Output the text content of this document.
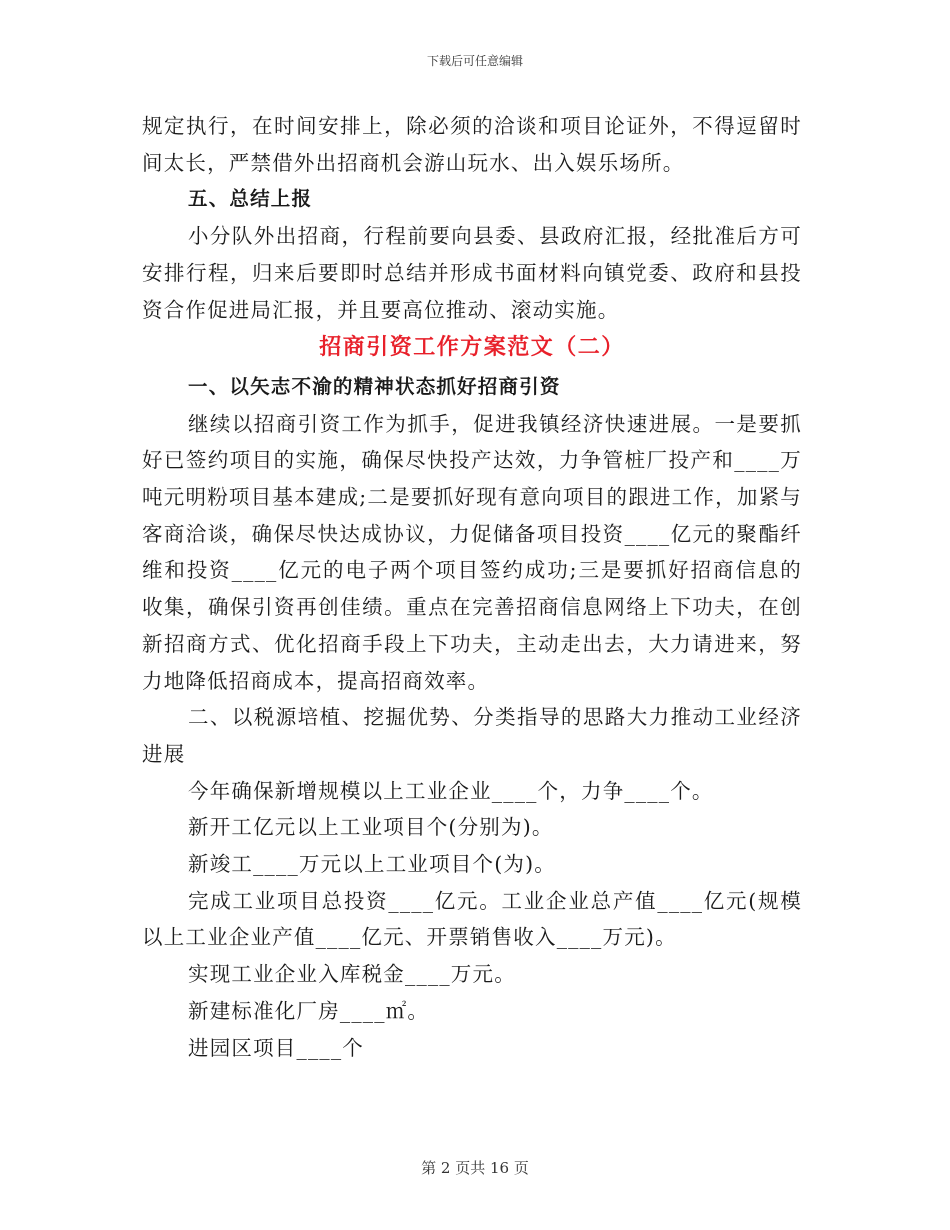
下载后可任意编辑

规定执行，在时间安排上，除必须的洽谈和项目论证外，不得逗留时间太长，严禁借外出招商机会游山玩水、出入娱乐场所。

五、总结上报

小分队外出招商，行程前要向县委、县政府汇报，经批准后方可安排行程，归来后要即时总结并形成书面材料向镇党委、政府和县投资合作促进局汇报，并且要高位推动、滚动实施。

招商引资工作方案范文（二）

一、以矢志不渝的精神状态抓好招商引资

继续以招商引资工作为抓手，促进我镇经济快速进展。一是要抓好已签约项目的实施，确保尽快投产达效，力争管桩厂投产和____万吨元明粉项目基本建成;二是要抓好现有意向项目的跟进工作，加紧与客商洽谈，确保尽快达成协议，力促储备项目投资____亿元的聚酯纤维和投资____亿元的电子两个项目签约成功;三是要抓好招商信息的收集，确保引资再创佳绩。重点在完善招商信息网络上下功夫，在创新招商方式、优化招商手段上下功夫，主动走出去，大力请进来，努力地降低招商成本，提高招商效率。

二、以税源培植、挖掘优势、分类指导的思路大力推动工业经济进展

今年确保新增规模以上工业企业____个，力争____个。

新开工亿元以上工业项目个(分别为)。

新竣工____万元以上工业项目个(为)。

完成工业项目总投资____亿元。工业企业总产值____亿元(规模以上工业企业产值____亿元、开票销售收入____万元)。

实现工业企业入库税金____万元。

新建标准化厂房____㎡。

进园区项目____个

第 2 页共 16 页
